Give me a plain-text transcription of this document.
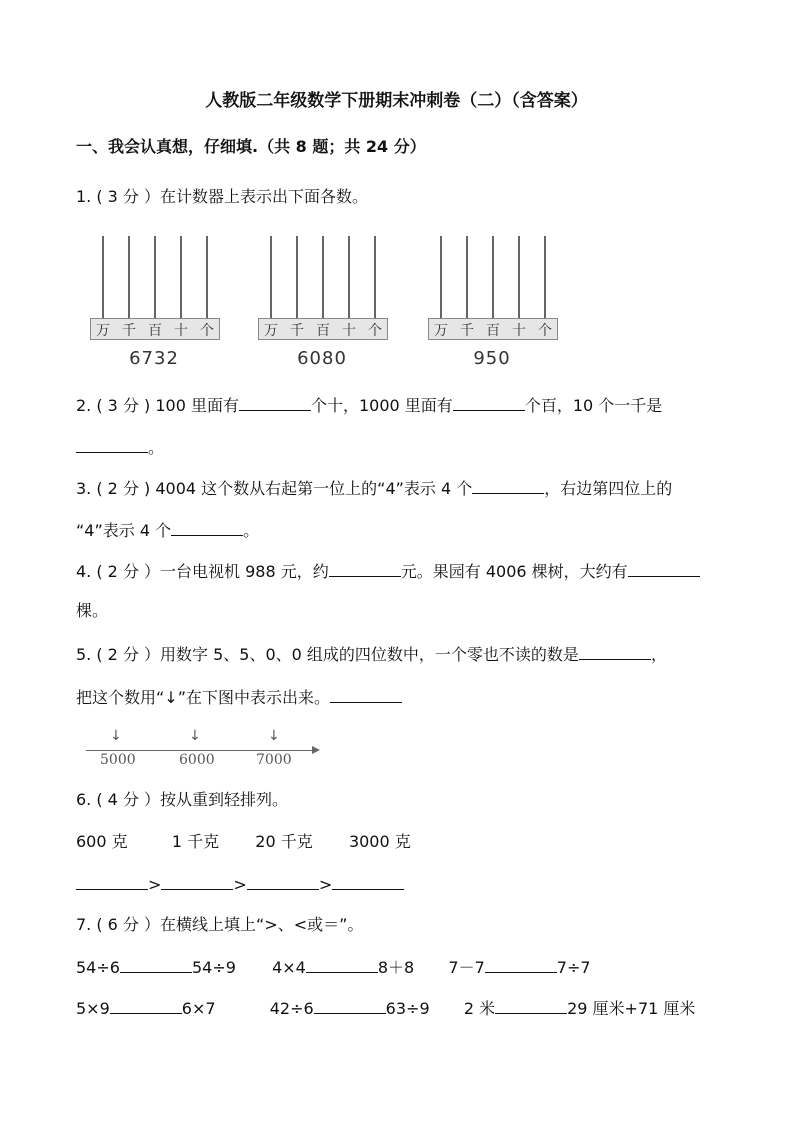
人教版二年级数学下册期末冲刺卷（二）（含答案）
一、我会认真想，仔细填.（共 8 题；共 24 分）
1. ( 3 分 ）在计数器上表示出下面各数。
万 千 百 十 个
6732
万 千 百 十 个
6080
万 千 百 十 个
950
2. ( 3 分 ) 100 里面有	个十，1000 里面有	个百，10 个一千是
。
3. ( 2 分 ) 4004 这个数从右起第一位上的“4”表示 4 个	，右边第四位上的
“4”表示 4 个	。
4. ( 2 分 ）一台电视机 988 元，约	元。果园有 4006 棵树，大约有
棵。
5. ( 2 分 ）用数字 5、5、0、0 组成的四位数中，一个零也不读的数是	，
把这个数用“↓”在下图中表示出来。
↓	↓	↓
5000	6000	7000
6. ( 4 分 ）按从重到轻排列。
600 克	1 千克 20 千克 3000 克
>	>	>
7. ( 6 分 ）在横线上填上“>、<或＝”。
54÷6	54÷9 4×4	8＋8 7－7	7÷7
5×9	6×7	42÷6	63÷9 2 米	29 厘米+71 厘米
